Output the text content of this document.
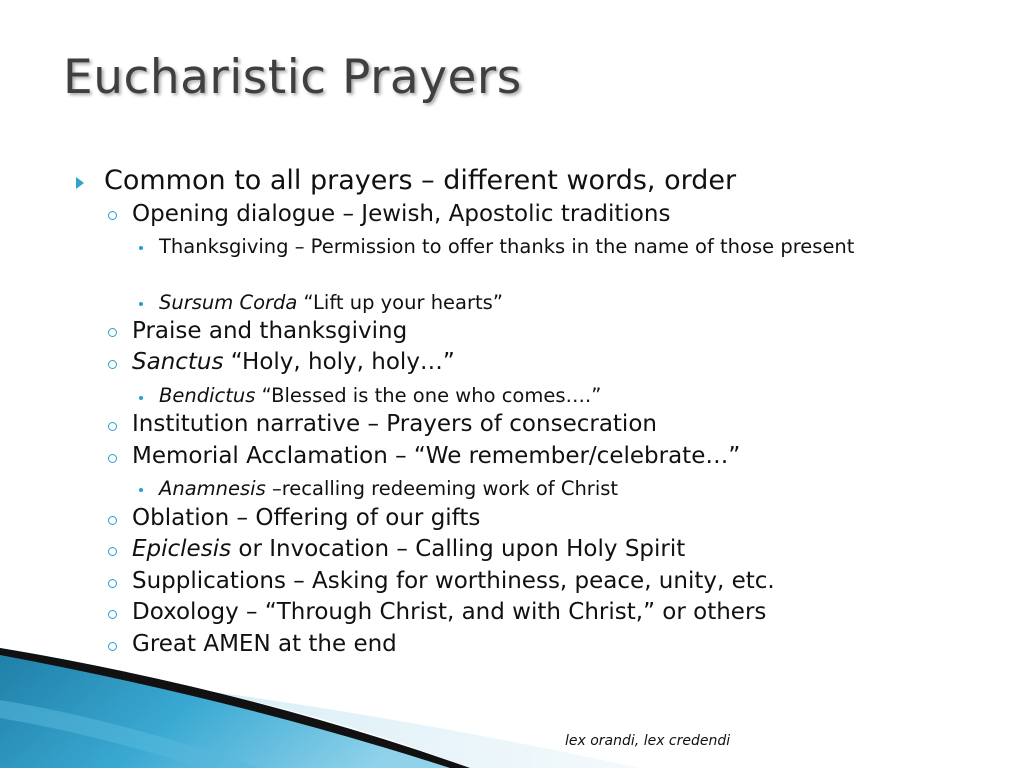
Eucharistic Prayers
Common to all prayers – different words, order
Opening dialogue – Jewish, Apostolic traditions
Thanksgiving – Permission to offer thanks in the name of those present
Sursum Corda “Lift up your hearts”
Praise and thanksgiving
Sanctus “Holy, holy, holy…”
Bendictus “Blessed is the one who comes….”
Institution narrative – Prayers of consecration
Memorial Acclamation – “We remember/celebrate…”
Anamnesis –recalling redeeming work of Christ
Oblation – Offering of our gifts
Epiclesis or Invocation – Calling upon Holy Spirit
Supplications – Asking for worthiness, peace, unity, etc.
Doxology – “Through Christ, and with Christ,” or others
Great AMEN at the end
lex orandi, lex credendi
